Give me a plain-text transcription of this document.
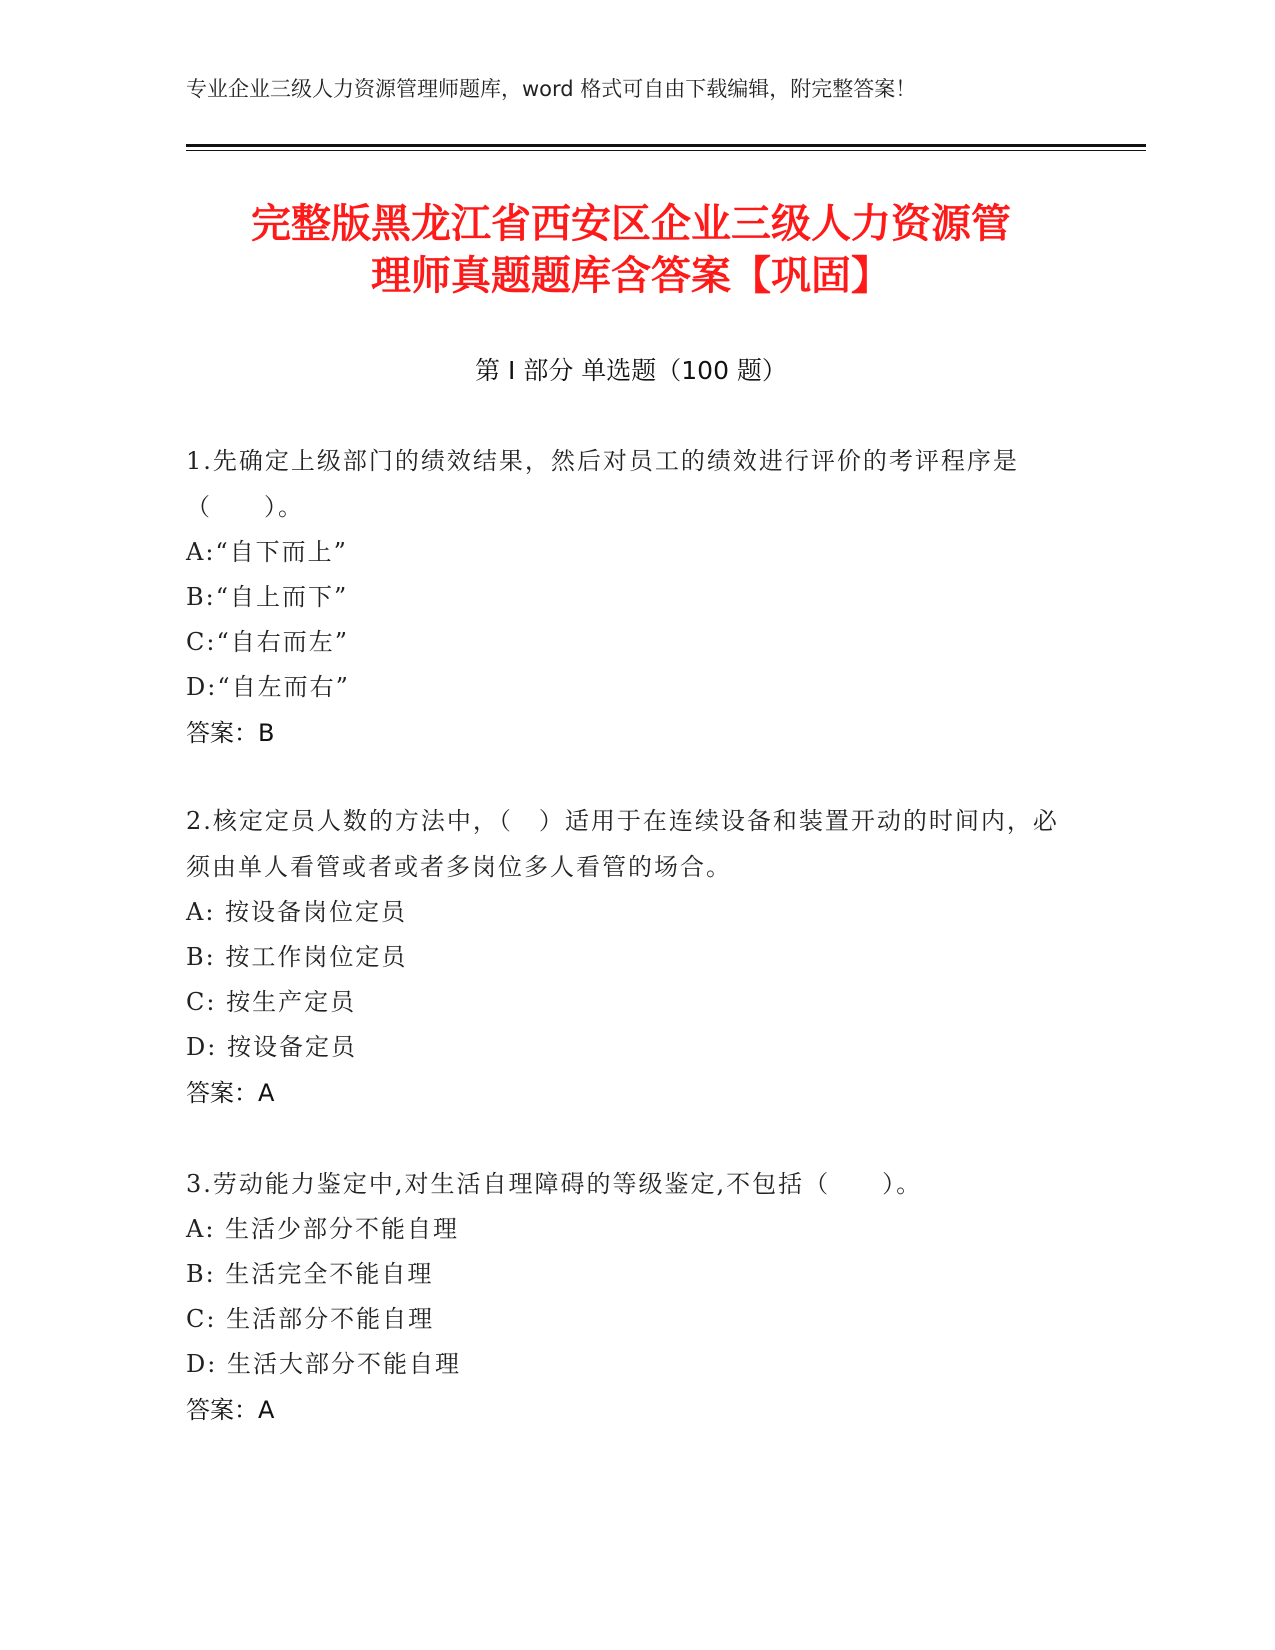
专业企业三级人力资源管理师题库，word 格式可自由下载编辑，附完整答案！
完整版黑龙江省西安区企业三级人力资源管
理师真题题库含答案【巩固】
第 I 部分 单选题（100 题）
1.先确定上级部门的绩效结果，然后对员工的绩效进行评价的考评程序是（　　）。
A:“自下而上”
B:“自上而下”
C:“自右而左”
D:“自左而右”
答案：B
2.核定定员人数的方法中，（　）适用于在连续设备和装置开动的时间内，必须由单人看管或者或者多岗位多人看管的场合。
A: 按设备岗位定员
B: 按工作岗位定员
C: 按生产定员
D: 按设备定员
答案：A
3.劳动能力鉴定中,对生活自理障碍的等级鉴定,不包括（　　）。
A: 生活少部分不能自理
B: 生活完全不能自理
C: 生活部分不能自理
D: 生活大部分不能自理
答案：A
